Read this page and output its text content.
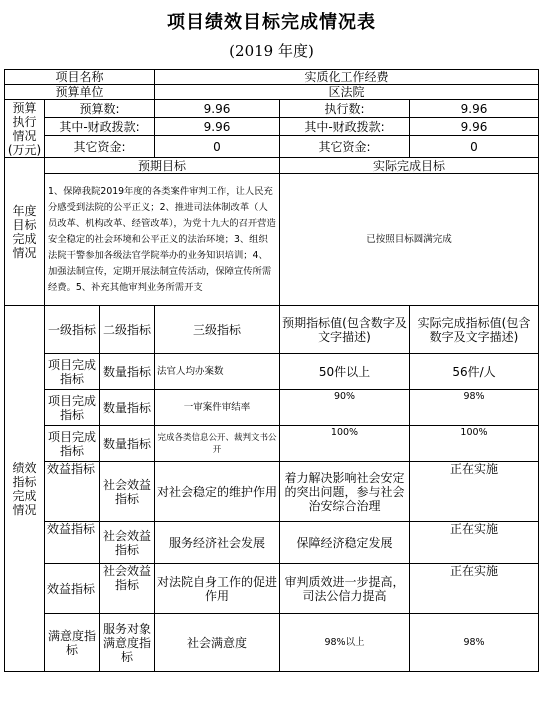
项目绩效目标完成情况表
(2019 年度)
项目名称			实质化工作经费		
预算单位			区法院		
预算执行情况(万元)	预算数:		9.96	执行数:	9.96
	其中-财政拨款:		9.96	其中-财政拨款:	9.96
	其它资金:		0	其它资金:	0
年度目标完成情况	预期目标			实际完成目标	
	1、保障我院2019年度的各类案件审判工作，让人民充分感受到法院的公平正义；2、推进司法体制改革（人员改革、机构改革、经管改革），为党十九大的召开营造安全稳定的社会环境和公平正义的法治环境；3、组织法院干警参加各级法官学院举办的业务知识培训；4、加强法制宣传，定期开展法制宣传活动，保障宣传所需经费。5、补充其他审判业务所需开支			已按照目标圆满完成	
绩效指标完成情况	一级指标	二级指标	三级指标	预期指标值(包含数字及文字描述)	实际完成指标值(包含数字及文字描述)
	项目完成指标	数量指标	法官人均办案数	50件以上	56件/人
	项目完成指标	数量指标	一审案件审结率	90%	98%
	项目完成指标	数量指标	完成各类信息公开、裁判文书公开	100%	100%
	效益指标	社会效益指标	对社会稳定的维护作用	着力解决影响社会安定的突出问题，参与社会治安综合治理	正在实施
	效益指标	社会效益指标	服务经济社会发展	保障经济稳定发展	正在实施
	效益指标	社会效益指标	对法院自身工作的促进作用	审判质效进一步提高，司法公信力提高	正在实施
	满意度指标	服务对象满意度指标	社会满意度	98%以上	98%
